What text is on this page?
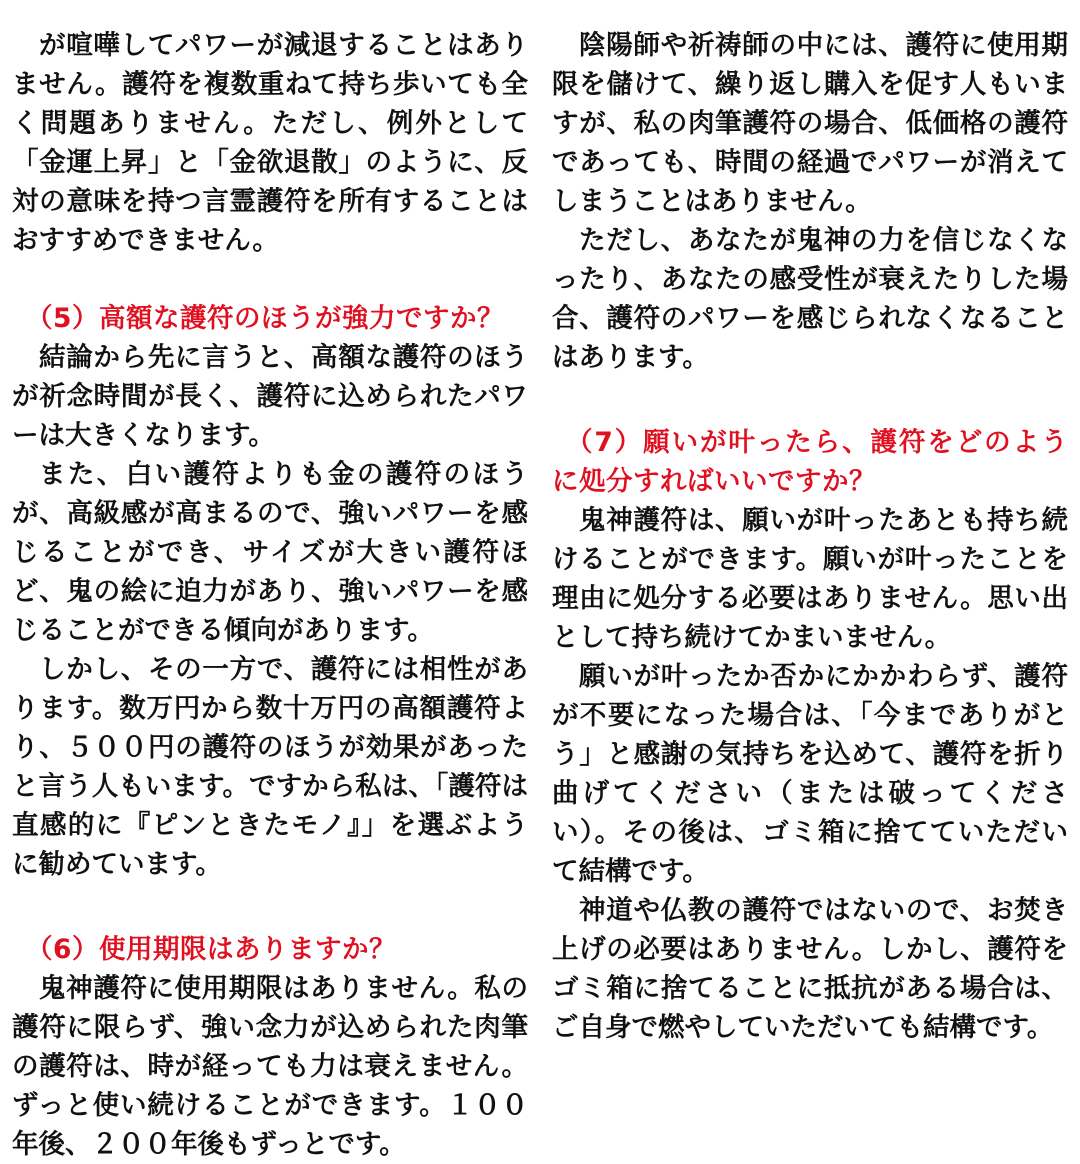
が喧嘩してパワーが減退することはありません。護符を複数重ねて持ち歩いても全く問題ありません。ただし、例外として「金運上昇」と「金欲退散」のように、反対の意味を持つ言霊護符を所有することはおすすめできません。

（5）高額な護符のほうが強力ですか？

結論から先に言うと、高額な護符のほうが祈念時間が長く、護符に込められたパワーは大きくなります。

また、白い護符よりも金の護符のほうが、高級感が高まるので、強いパワーを感じることができ、サイズが大きい護符ほど、鬼の絵に迫力があり、強いパワーを感じることができる傾向があります。

しかし、その一方で、護符には相性があります。数万円から数十万円の高額護符より、５００円の護符のほうが効果があったと言う人もいます。ですから私は、「護符は直感的に『ピンときたモノ』」を選ぶように勧めています。

（6）使用期限はありますか？

鬼神護符に使用期限はありません。私の護符に限らず、強い念力が込められた肉筆の護符は、時が経っても力は衰えません。ずっと使い続けることができます。１００年後、２００年後もずっとです。

陰陽師や祈祷師の中には、護符に使用期限を儲けて、繰り返し購入を促す人もいますが、私の肉筆護符の場合、低価格の護符であっても、時間の経過でパワーが消えてしまうことはありません。

ただし、あなたが鬼神の力を信じなくなったり、あなたの感受性が衰えたりした場合、護符のパワーを感じられなくなることはあります。

（7）願いが叶ったら、護符をどのように処分すればいいですか？

鬼神護符は、願いが叶ったあとも持ち続けることができます。願いが叶ったことを理由に処分する必要はありません。思い出として持ち続けてかまいません。

願いが叶ったか否かにかかわらず、護符が不要になった場合は、「今までありがとう」と感謝の気持ちを込めて、護符を折り曲げてください（または破ってください）。その後は、ゴミ箱に捨てていただいて結構です。

神道や仏教の護符ではないので、お焚き上げの必要はありません。しかし、護符をゴミ箱に捨てることに抵抗がある場合は、ご自身で燃やしていただいても結構です。
